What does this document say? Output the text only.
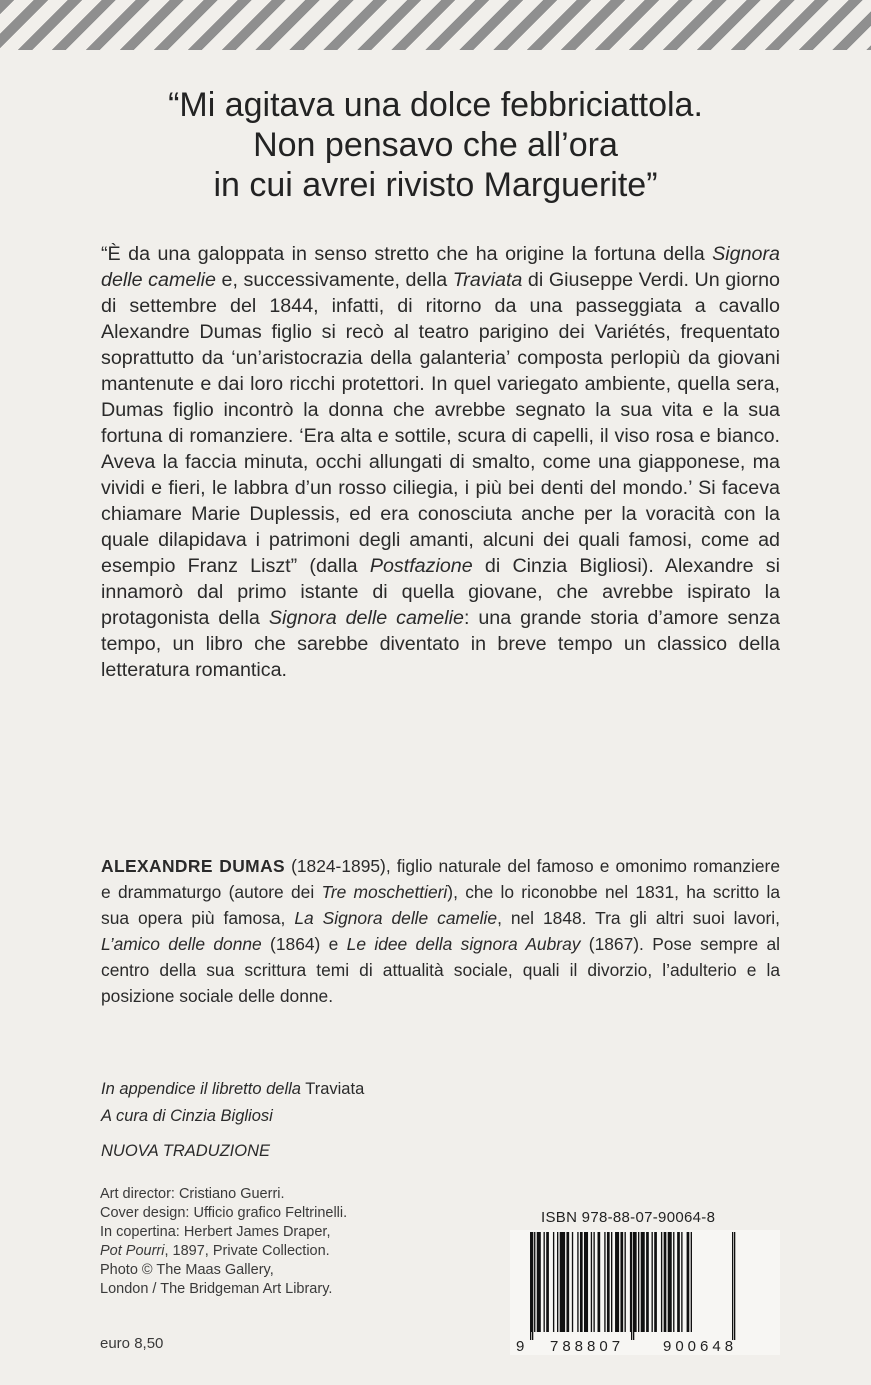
“Mi agitava una dolce febbriciattola.
Non pensavo che all’ora
in cui avrei rivisto Marguerite”
“È da una galoppata in senso stretto che ha origine la fortuna della Signora delle camelie e, successivamente, della Traviata di Giuseppe Verdi. Un giorno di settembre del 1844, infatti, di ritorno da una passeggiata a cavallo Alexandre Dumas figlio si recò al teatro parigino dei Variétés, frequentato soprattutto da ‘un’aristocrazia della galanteria’ composta perlopiù da giovani mantenute e dai loro ricchi protettori. In quel variegato ambiente, quella sera, Dumas figlio incontrò la donna che avrebbe segnato la sua vita e la sua fortuna di romanziere. ‘Era alta e sottile, scura di capelli, il viso rosa e bianco. Aveva la faccia minuta, occhi allungati di smalto, come una giapponese, ma vividi e fieri, le labbra d’un rosso ciliegia, i più bei denti del mondo.’ Si faceva chiamare Marie Duplessis, ed era conosciuta anche per la voracità con la quale dilapidava i patrimoni degli amanti, alcuni dei quali famosi, come ad esempio Franz Liszt” (dalla Postfazione di Cinzia Bigliosi). Alexandre si innamorò dal primo istante di quella giovane, che avrebbe ispirato la protagonista della Signora delle camelie: una grande storia d’amore senza tempo, un libro che sarebbe diventato in breve tempo un classico della letteratura romantica.
ALEXANDRE DUMAS (1824-1895), figlio naturale del famoso e omonimo romanziere e drammaturgo (autore dei Tre moschettieri), che lo riconobbe nel 1831, ha scritto la sua opera più famosa, La Signora delle camelie, nel 1848. Tra gli altri suoi lavori, L’amico delle donne (1864) e Le idee della signora Aubray (1867). Pose sempre al centro della sua scrittura temi di attualità sociale, quali il divorzio, l’adulterio e la posizione sociale delle donne.
In appendice il libretto della Traviata
A cura di Cinzia Bigliosi
NUOVA TRADUZIONE
Art director: Cristiano Guerri.
Cover design: Ufficio grafico Feltrinelli.
In copertina: Herbert James Draper,
Pot Pourri, 1897, Private Collection.
Photo © The Maas Gallery,
London / The Bridgeman Art Library.
euro 8,50
ISBN 978-88-07-90064-8
9 788807	900648
